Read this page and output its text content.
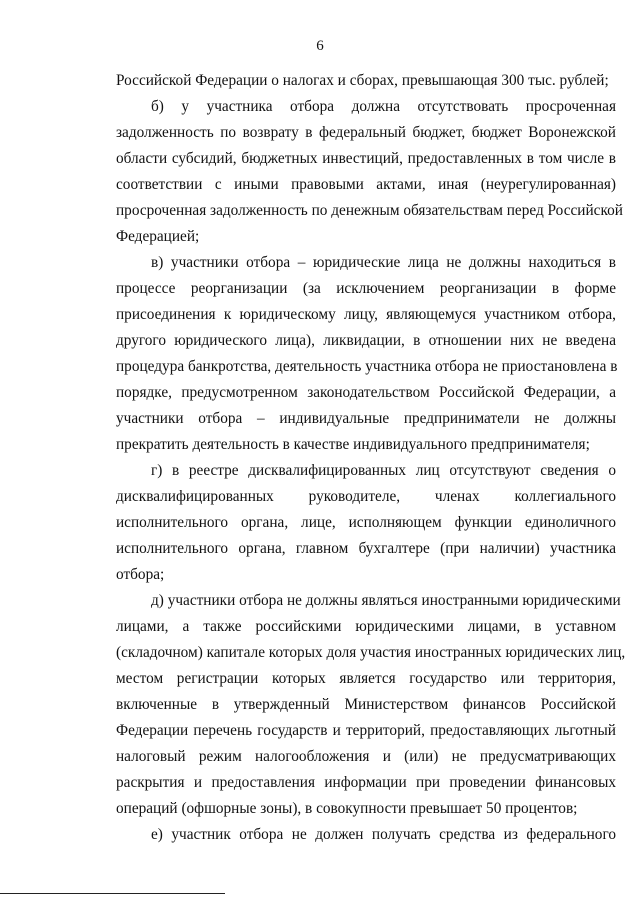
6
Российской Федерации о налогах и сборах, превышающая 300 тыс. рублей;
б) у участника отбора должна отсутствовать просроченная
задолженность по возврату в федеральный бюджет, бюджет Воронежской
области субсидий, бюджетных инвестиций, предоставленных в том числе в
соответствии с иными правовыми актами, иная (неурегулированная)
просроченная задолженность по денежным обязательствам перед Российской
Федерацией;
в) участники отбора – юридические лица не должны находиться в
процессе реорганизации (за исключением реорганизации в форме
присоединения к юридическому лицу, являющемуся участником отбора,
другого юридического лица), ликвидации, в отношении них не введена
процедура банкротства, деятельность участника отбора не приостановлена в
порядке, предусмотренном законодательством Российской Федерации, а
участники отбора – индивидуальные предприниматели не должны
прекратить деятельность в качестве индивидуального предпринимателя;
г) в реестре дисквалифицированных лиц отсутствуют сведения о
дисквалифицированных руководителе, членах коллегиального
исполнительного органа, лице, исполняющем функции единоличного
исполнительного органа, главном бухгалтере (при наличии) участника
отбора;
д) участники отбора не должны являться иностранными юридическими
лицами, а также российскими юридическими лицами, в уставном
(складочном) капитале которых доля участия иностранных юридических лиц,
местом регистрации которых является государство или территория,
включенные в утвержденный Министерством финансов Российской
Федерации перечень государств и территорий, предоставляющих льготный
налоговый режим налогообложения и (или) не предусматривающих
раскрытия и предоставления информации при проведении финансовых
операций (офшорные зоны), в совокупности превышает 50 процентов;
е) участник отбора не должен получать средства из федерального
